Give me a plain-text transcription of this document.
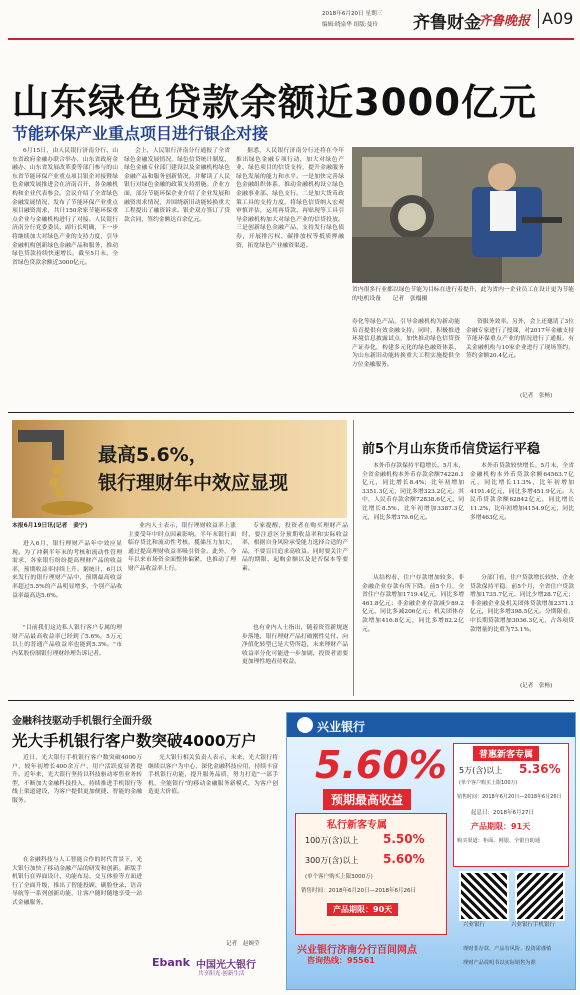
2018年6月20日 星期三
编辑:晓泉华 组版:曼玲 齐鲁财金
齐鲁晚报 A09
山东绿色贷款余额近3000亿元
节能环保产业重点项目进行银企对接
6月15日，由人民银行济南分行、山东省政府金融办联合举办，山东省政府金融办、山东省发展改革委等部门参与的山东省节能环保产业重点项目银企对接暨绿色金融发展推进会在济南召开，各金融机构和企业代表参会。会议介绍了全省绿色金融发展情况，发布了节能环保产业重点项目融资需求，共计150余家节能环保重点企业与金融机构进行了对接。人民银行济南分行党委委员、副行长明确，下一步将继续加大对绿色产业的支持力度，引导金融机构创新绿色金融产品和服务，推动绿色贷款持续快速增长。截至5月末，全省绿色贷款余额近3000亿元。
会上，人民银行济南分行通报了全省绿色金融发展情况，绿色信贷统计制度、绿色金融专业部门建设以及金融机构绿色金融产品和服务创新情况，并解读了人民银行对绿色金融的政策支持措施。企业方面，部分节能环保企业介绍了企业发展和融资需求情况，并围绕新旧动能转换重大工程提出了融资诉求。银企双方签订了贷款合同，签约金额达百余亿元。
据悉，人民银行济南分行还将在今年推出绿色金融专项行动，加大对绿色产业、绿色项目的信贷支持，提升金融服务绿色发展的能力和水平。一是加快完善绿色金融组织体系，推动金融机构设立绿色金融事业部、绿色支行。二是加大货币政策工具的支持力度，将绿色信贷纳入宏观审慎评估，运用再贷款、再贴现等工具引导金融机构加大对绿色产业的信贷投放。三是创新绿色金融产品，支持发行绿色债券，开展排污权、碳排放权等抵质押融资，拓宽绿色产业融资渠道。
省内很多行业都以绿色节能为目标在进行着提升，此为省内一企业员工在设计更为节能的电机设备　　记者　张榻摄
券化等绿色产品，引导金融机构为新动能培育提供有效金融支持。同时，积极推进环境信息披露试点，加快推动绿色信贷资产证券化，构建多元化的绿色融资体系，为山东新旧动能转换重大工程实施提供全方位金融服务。
资服务效率。另外，会上还邀请了3位金融专家进行了授课，对2017年金融支持节能环保重点产业的情况进行了通报，有关金融机构与10家企业进行了现场签约，签约金额20.4亿元。
(记者　张畅)
最高5.6%，
银行理财年中效应显现
本报6月19日讯(记者　姜宁)
进入6月，银行理财产品年中效应显现。为了冲刺半年末的考核和流动性管理需求，各家银行纷纷提高理财产品的收益率，预期收益率持续上升。据统计，6月以来发行的银行理财产品中，预期最高收益率超过5.5%的产品明显增多，个别产品收益率最高达5.6%。
"目前我们这边私人银行客户专属的理财产品最高收益率已经到了5.6%，5万元以上的普通产品收益率也能到5.3%。"市内某股份制银行理财经理告诉记者。
业内人士表示，银行理财收益率上涨主要受年中时点因素影响。半年末银行面临存贷比和流动性考核，揽储压力加大，通过提高理财收益率吸引资金。此外，今年以来市场资金面整体偏紧，也推动了理财产品收益率上行。
专家提醒，投资者在购买理财产品时，要注意区分预期收益率和实际收益率，根据自身风险承受能力选择合适的产品，不要盲目追求高收益。同时要关注产品的期限、起购金额以及是否保本等要素。
也有业内人士指出，随着资管新规逐步落地，银行理财产品打破刚性兑付、向净值化转型已是大势所趋，未来理财产品收益率分化可能进一步加剧，投资者需要更加理性地看待收益。
前5个月山东货币信贷运行平稳
本外币存款保持平稳增长。5月末，全省金融机构本外币存款余额74226.1亿元，同比增长8.4%；比年初增加3351.3亿元，同比多增323.2亿元。其中，人民币存款余额72838.6亿元，同比增长8.5%，比年初增加3387.3亿元，同比多增379.6亿元。
从结构看，住户存款增加较多，非金融企业存款有所下降。前5个月，全省住户存款增加1719.4亿元，同比多增461.8亿元；非金融企业存款减少89.2亿元，同比多减206亿元；机关团体存款增加416.8亿元，同比多增82.2亿元。
本外币贷款较快增长。5月末，全省金融机构本外币贷款余额64563.7亿元，同比增长11.3%，比年初增加4191.4亿元，同比多增451.9亿元。人民币贷款余额62842亿元，同比增长11.2%，比年初增加4154.9亿元，同比多增463亿元。
分部门看，住户贷款增长较快，企业贷款保持平稳。前5个月，全省住户贷款增加1735.7亿元，同比少增28.7亿元；非金融企业及机关团体贷款增加2371.1亿元，同比多增398.5亿元。分期限看，中长期贷款增加3036.3亿元，占各项贷款增量的比重为73.1%。
(记者　张畅)
金融科技驱动手机银行全面升级
光大手机银行客户数突破4000万户
近日，光大银行手机银行客户数突破4000万户，较年初增长400余万户，用户活跃度显著提升。近年来，光大银行坚持以科技驱动零售业务转型，不断加大金融科技投入，持续推进手机银行等线上渠道建设，为客户提供更加便捷、智能的金融服务。
在金融科技与人工智能合作的时代背景下，光大银行加快了移动金融产品的研发和创新。新版手机银行在界面设计、功能布局、交互体验等方面进行了全面升级，推出了智能投顾、刷脸登录、语音导航等一系列创新功能，让客户随时随地享受一站式金融服务。
光大银行相关负责人表示，未来，光大银行将继续以客户为中心，深化金融科技应用，持续丰富手机银行功能，提升服务品质，努力打造"一部手机，全能银行"的移动金融服务新模式，为客户创造更大价值。
记者　赵婉莹
Ebank 中国光大银行
共享阳光·创新生活
兴业银行
5.60%
预期最高收益
私行新客专属
100万(含)以上 5.50%
300万(含)以上 5.60%
(单个客户购买上限3000万)
销售时间：2018年6月20日—2018年6月26日
产品期限：90天
普惠新客专属
5万(含)以上 5.36%
(单个客户购买上限100万)
销售时间：2018年6月20日—2018年6月26日
起息日：2018年6月27日
产品期限：91天
购买渠道：柜面、网银、全银自助通
兴业银行	兴业银行手机银行
兴业银行济南分行百间网点
咨询热线：95561
理财非存款、产品有风险、投资需谨慎
理财产品说明书以实际销售为准
